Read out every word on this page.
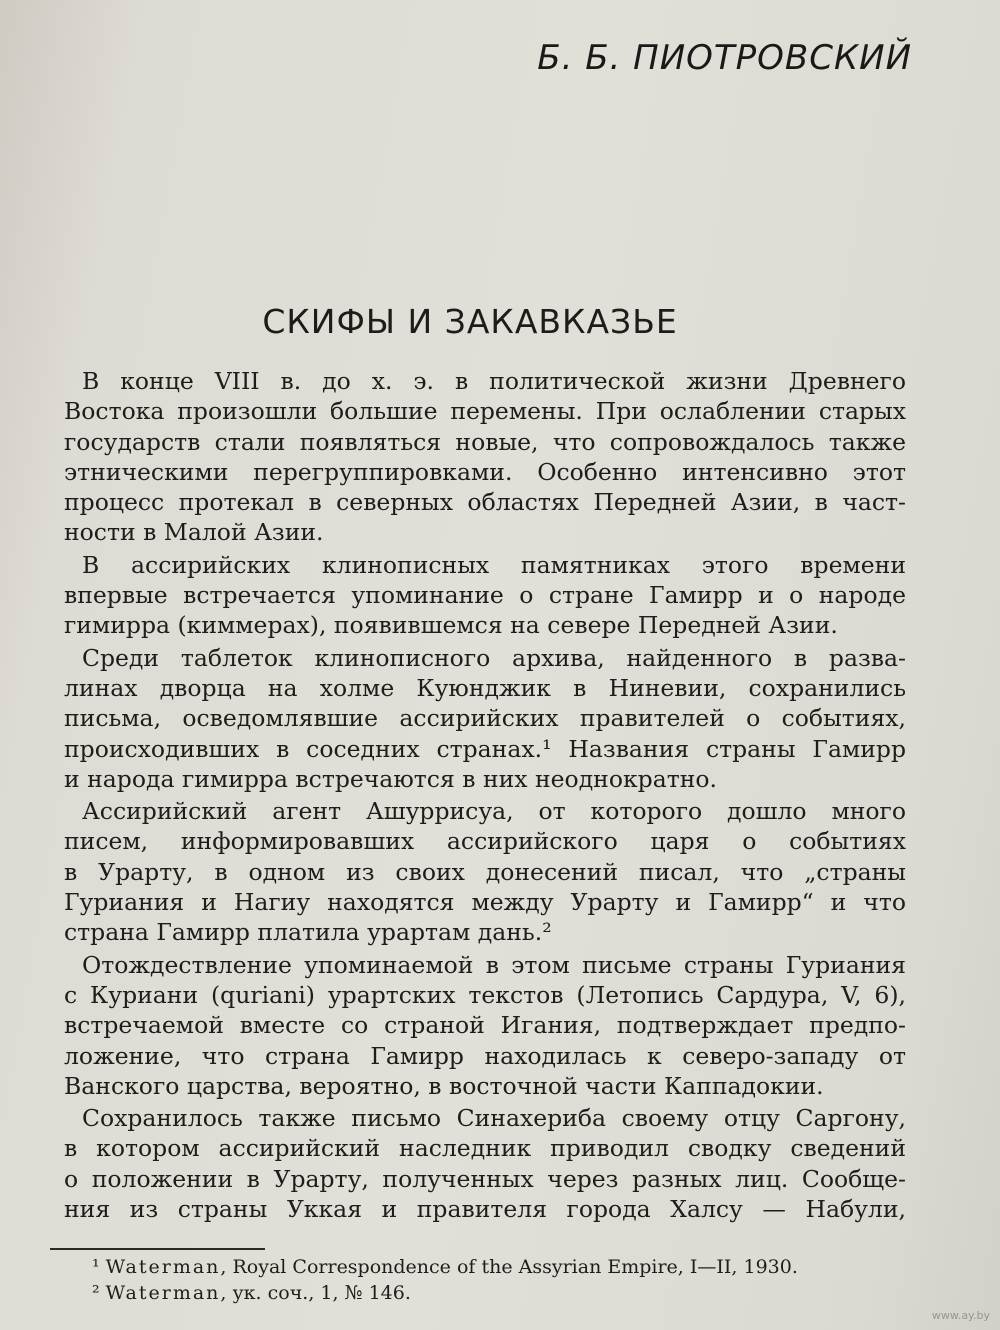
Б. Б. ПИОТРОВСКИЙ
СКИФЫ И ЗАКАВКАЗЬЕ
В конце VIII в. до х. э. в политической жизни Древнего
Востока произошли большие перемены. При ослаблении старых
государств стали появляться новые, что сопровождалось также
этническими перегруппировками. Особенно интенсивно этот
процесс протекал в северных областях Передней Азии, в част-
ности в Малой Азии.
В ассирийских клинописных памятниках этого времени
впервые встречается упоминание о стране Гамирр и о народе
гимирра (киммерах), появившемся на севере Передней Азии.
Среди таблеток клинописного архива, найденного в разва-
линах дворца на холме Куюнджик в Ниневии, сохранились
письма, осведомлявшие ассирийских правителей о событиях,
происходивших в соседних странах.¹ Названия страны Гамирр
и народа гимирра встречаются в них неоднократно.
Ассирийский агент Ашуррисуа, от которого дошло много
писем, информировавших ассирийского царя о событиях
в Урарту, в одном из своих донесений писал, что „страны
Гуриания и Нагиу находятся между Урарту и Гамирр“ и что
страна Гамирр платила урартам дань.²
Отождествление упоминаемой в этом письме страны Гуриания
с Куриани (quriani) урартских текстов (Летопись Сардура, V, 6),
встречаемой вместе со страной Игания, подтверждает предпо-
ложение, что страна Гамирр находилась к северо-западу от
Ванского царства, вероятно, в восточной части Каппадокии.
Сохранилось также письмо Синахериба своему отцу Саргону,
в котором ассирийский наследник приводил сводку сведений
о положении в Урарту, полученных через разных лиц. Сообще-
ния из страны Уккая и правителя города Халсу — Набули,
¹ Waterman, Royal Correspondence of the Assyrian Empire, I—II, 1930.
² Waterman, ук. соч., 1, № 146.
www.ay.by
